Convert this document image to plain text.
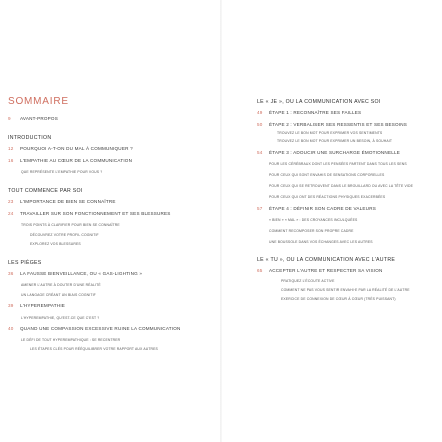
SOMMAIRE
9 AVANT-PROPOS
INTRODUCTION
12 POURQUOI A-T-ON DU MAL À COMMUNIQUER ?
16 L'EMPATHIE AU CŒUR DE LA COMMUNICATION
QUE REPRÉSENTE L'EMPATHIE POUR VOUS ?
TOUT COMMENCE PAR SOI
23 L'IMPORTANCE DE BIEN SE CONNAÎTRE
24 TRAVAILLER SUR SON FONCTIONNEMENT ET SES BLESSURES
TROIS POINTS À CLARIFIER POUR BIEN SE CONNAÎTRE
DÉCOUVREZ VOTRE PROFIL COGNITIF
EXPLOREZ VOS BLESSURES
LES PIÈGES
36 LA FAUSSE BIENVEILLANCE, OU « GAS-LIGHTING »
AMENER L'AUTRE À DOUTER D'UNE RÉALITÉ
UN LANGAGE CRÉANT UN BIAIS COGNITIF
39 L'HYPEREMPATHIE
L'HYPEREMPATHIE, QU'EST-CE QUE C'EST ?
40 QUAND UNE COMPASSION EXCESSIVE RUINE LA COMMUNICATION
LE DÉFI DE TOUT HYPEREMPATHIQUE : SE RECENTRER
LES ÉTAPES CLÉS POUR RÉÉQUILIBRER VOTRE RAPPORT AUX AUTRES
LE « JE », OU LA COMMUNICATION AVEC SOI
49 ÉTAPE 1 : RECONNAÎTRE SES FAILLES
50 ÉTAPE 2 : VERBALISER SES RESSENTIS ET SES BESOINS
TROUVEZ LE BON MOT POUR EXPRIMER VOS SENTIMENTS
TROUVEZ LE BON MOT POUR EXPRIMER UN BESOIN, À SOUHAIT
54 ÉTAPE 3 : ADOUCIR UNE SURCHARGE ÉMOTIONNELLE
POUR LES CÉRÉBRAUX DONT LES PENSÉES PARTENT DANS TOUS LES SENS
POUR CEUX QUI SONT ENVAHIS DE SENSATIONS CORPORELLES
POUR CEUX QUI SE RETROUVENT DANS LE BROUILLARD OU AVEC LA TÊTE VIDE
POUR CEUX QUI ONT DES RÉACTIONS PHYSIQUES EXACERBÉES
57 ÉTAPE 4 : DÉFINIR SON CADRE DE VALEURS
« BIEN » « MAL » : DES CROYANCES INCULQUÉES
COMMENT RECOMPOSER SON PROPRE CADRE
UNE BOUSSOLE DANS VOS ÉCHANGES AVEC LES AUTRES
LE « TU », OU LA COMMUNICATION AVEC L'AUTRE
65 ACCEPTER L'AUTRE ET RESPECTER SA VISION
PRATIQUEZ L'ÉCOUTE ACTIVE
COMMENT NE PAS VOUS SENTIR ENVAHI·E PAR LA RÉALITÉ DE L'AUTRE
EXERCICE DE CONNEXION DE CŒUR À CŒUR (TRÈS PUISSANT)
